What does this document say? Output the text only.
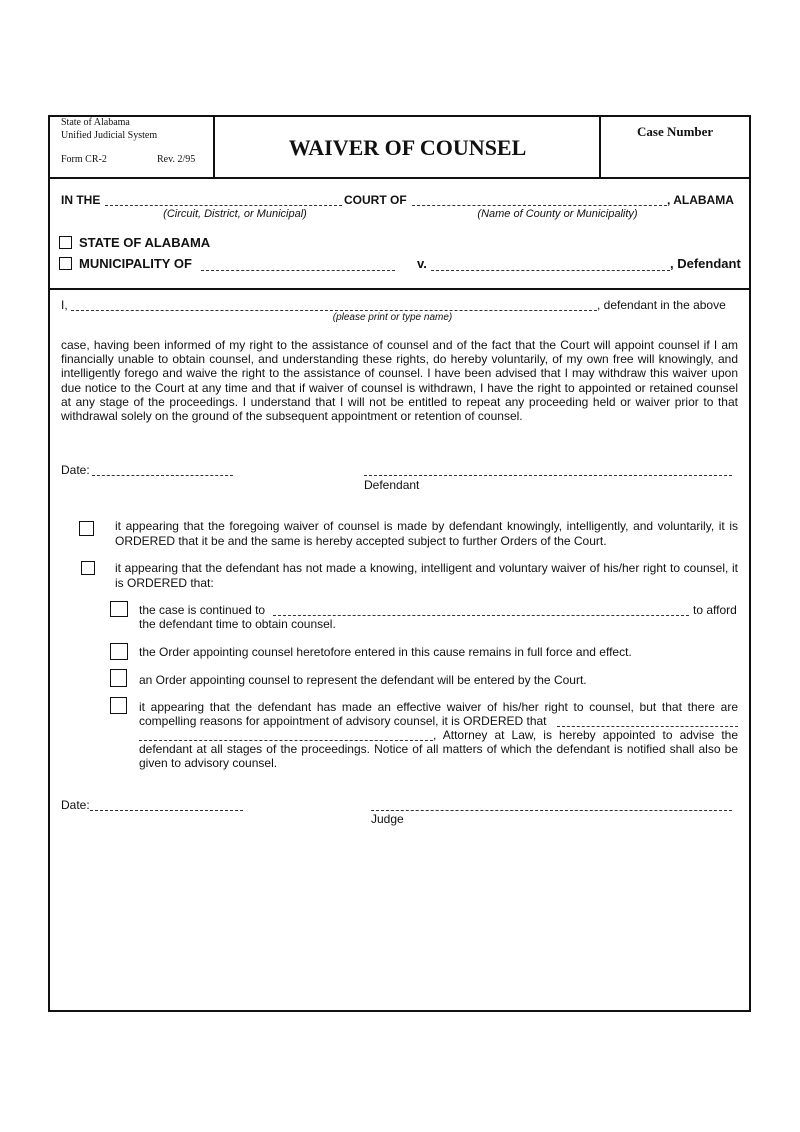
State of Alabama
Unified Judicial System
Form CR-2	Rev. 2/95	WAIVER OF COUNSEL
Case Number
IN THE	COURT OF	, ALABAMA
(Circuit, District, or Municipal)	(Name of County or Municipality)
STATE OF ALABAMA
MUNICIPALITY OF	v.	, Defendant
I,	, defendant in the above
(please print or type name)
case, having been informed of my right to the assistance of counsel and of the fact that the Court will appoint counsel if I am financially unable to obtain counsel, and understanding these rights, do hereby voluntarily, of my own free will knowingly, and intelligently forego and waive the right to the assistance of counsel. I have been advised that I may withdraw this waiver upon due notice to the Court at any time and that if waiver of counsel is withdrawn, I have the right to appointed or retained counsel at any stage of the proceedings. I understand that I will not be entitled to repeat any proceeding held or waiver prior to that withdrawal solely on the ground of the subsequent appointment or retention of counsel.
Date:
Defendant
it appearing that the foregoing waiver of counsel is made by defendant knowingly, intelligently, and voluntarily, it is ORDERED that it be and the same is hereby accepted subject to further Orders of the Court.
it appearing that the defendant has not made a knowing, intelligent and voluntary waiver of his/her right to counsel, it is ORDERED that:
the case is continued to	to afford
the defendant time to obtain counsel.
the Order appointing counsel heretofore entered in this cause remains in full force and effect.
an Order appointing counsel to represent the defendant will be entered by the Court.
it appearing that the defendant has made an effective waiver of his/her right to counsel, but that there are
compelling reasons for appointment of advisory counsel, it is ORDERED that
, Attorney at Law, is hereby appointed to advise the
defendant at all stages of the proceedings. Notice of all matters of which the defendant is notified shall also be given to advisory counsel.
Date:
Judge
